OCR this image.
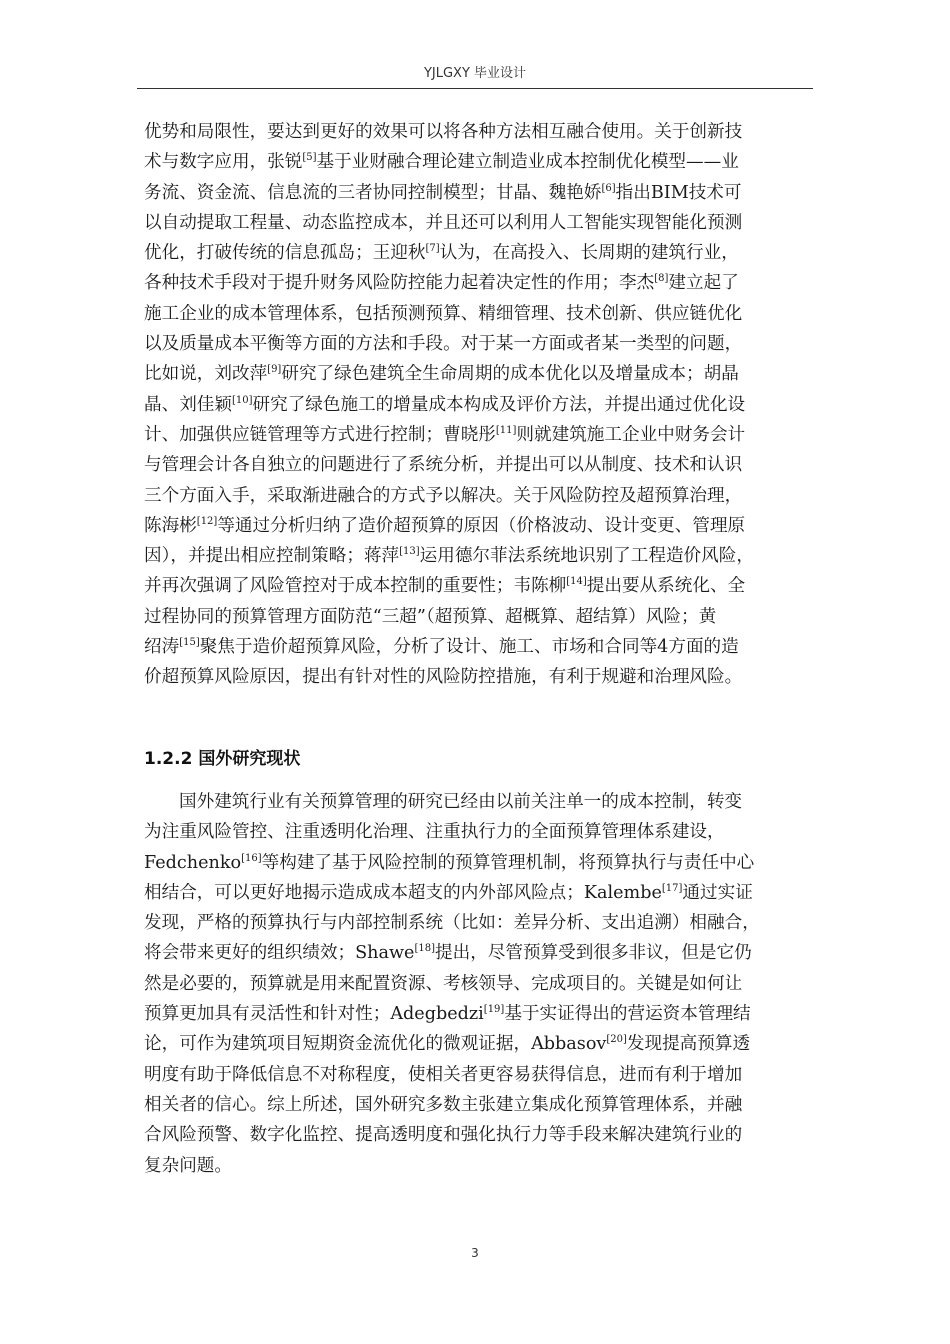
YJLGXY 毕业设计
优势和局限性，要达到更好的效果可以将各种方法相互融合使用。关于创新技
术与数字应用，张锐[5]基于业财融合理论建立制造业成本控制优化模型——业
务流、资金流、信息流的三者协同控制模型；甘晶、魏艳娇[6]指出BIM技术可
以自动提取工程量、动态监控成本，并且还可以利用人工智能实现智能化预测
优化，打破传统的信息孤岛；王迎秋[7]认为，在高投入、长周期的建筑行业，
各种技术手段对于提升财务风险防控能力起着决定性的作用；李杰[8]建立起了
施工企业的成本管理体系，包括预测预算、精细管理、技术创新、供应链优化
以及质量成本平衡等方面的方法和手段。对于某一方面或者某一类型的问题，
比如说，刘改萍[9]研究了绿色建筑全生命周期的成本优化以及增量成本；胡晶
晶、刘佳颖[10]研究了绿色施工的增量成本构成及评价方法，并提出通过优化设
计、加强供应链管理等方式进行控制；曹晓彤[11]则就建筑施工企业中财务会计
与管理会计各自独立的问题进行了系统分析，并提出可以从制度、技术和认识
三个方面入手，采取渐进融合的方式予以解决。关于风险防控及超预算治理，
陈海彬[12]等通过分析归纳了造价超预算的原因（价格波动、设计变更、管理原
因），并提出相应控制策略；蒋萍[13]运用德尔菲法系统地识别了工程造价风险，
并再次强调了风险管控对于成本控制的重要性；韦陈柳[14]提出要从系统化、全
过程协同的预算管理方面防范“三超”（超预算、超概算、超结算）风险；黄
绍涛[15]聚焦于造价超预算风险，分析了设计、施工、市场和合同等4方面的造
价超预算风险原因，提出有针对性的风险防控措施，有利于规避和治理风险。
1.2.2 国外研究现状
国外建筑行业有关预算管理的研究已经由以前关注单一的成本控制，转变
为注重风险管控、注重透明化治理、注重执行力的全面预算管理体系建设，
Fedchenko[16]等构建了基于风险控制的预算管理机制，将预算执行与责任中心
相结合，可以更好地揭示造成成本超支的内外部风险点；Kalembe[17]通过实证
发现，严格的预算执行与内部控制系统（比如：差异分析、支出追溯）相融合，
将会带来更好的组织绩效；Shawe[18]提出，尽管预算受到很多非议，但是它仍
然是必要的，预算就是用来配置资源、考核领导、完成项目的。关键是如何让
预算更加具有灵活性和针对性；Adegbedzi[19]基于实证得出的营运资本管理结
论，可作为建筑项目短期资金流优化的微观证据，Abbasov[20]发现提高预算透
明度有助于降低信息不对称程度，使相关者更容易获得信息，进而有利于增加
相关者的信心。综上所述，国外研究多数主张建立集成化预算管理体系，并融
合风险预警、数字化监控、提高透明度和强化执行力等手段来解决建筑行业的
复杂问题。
3
